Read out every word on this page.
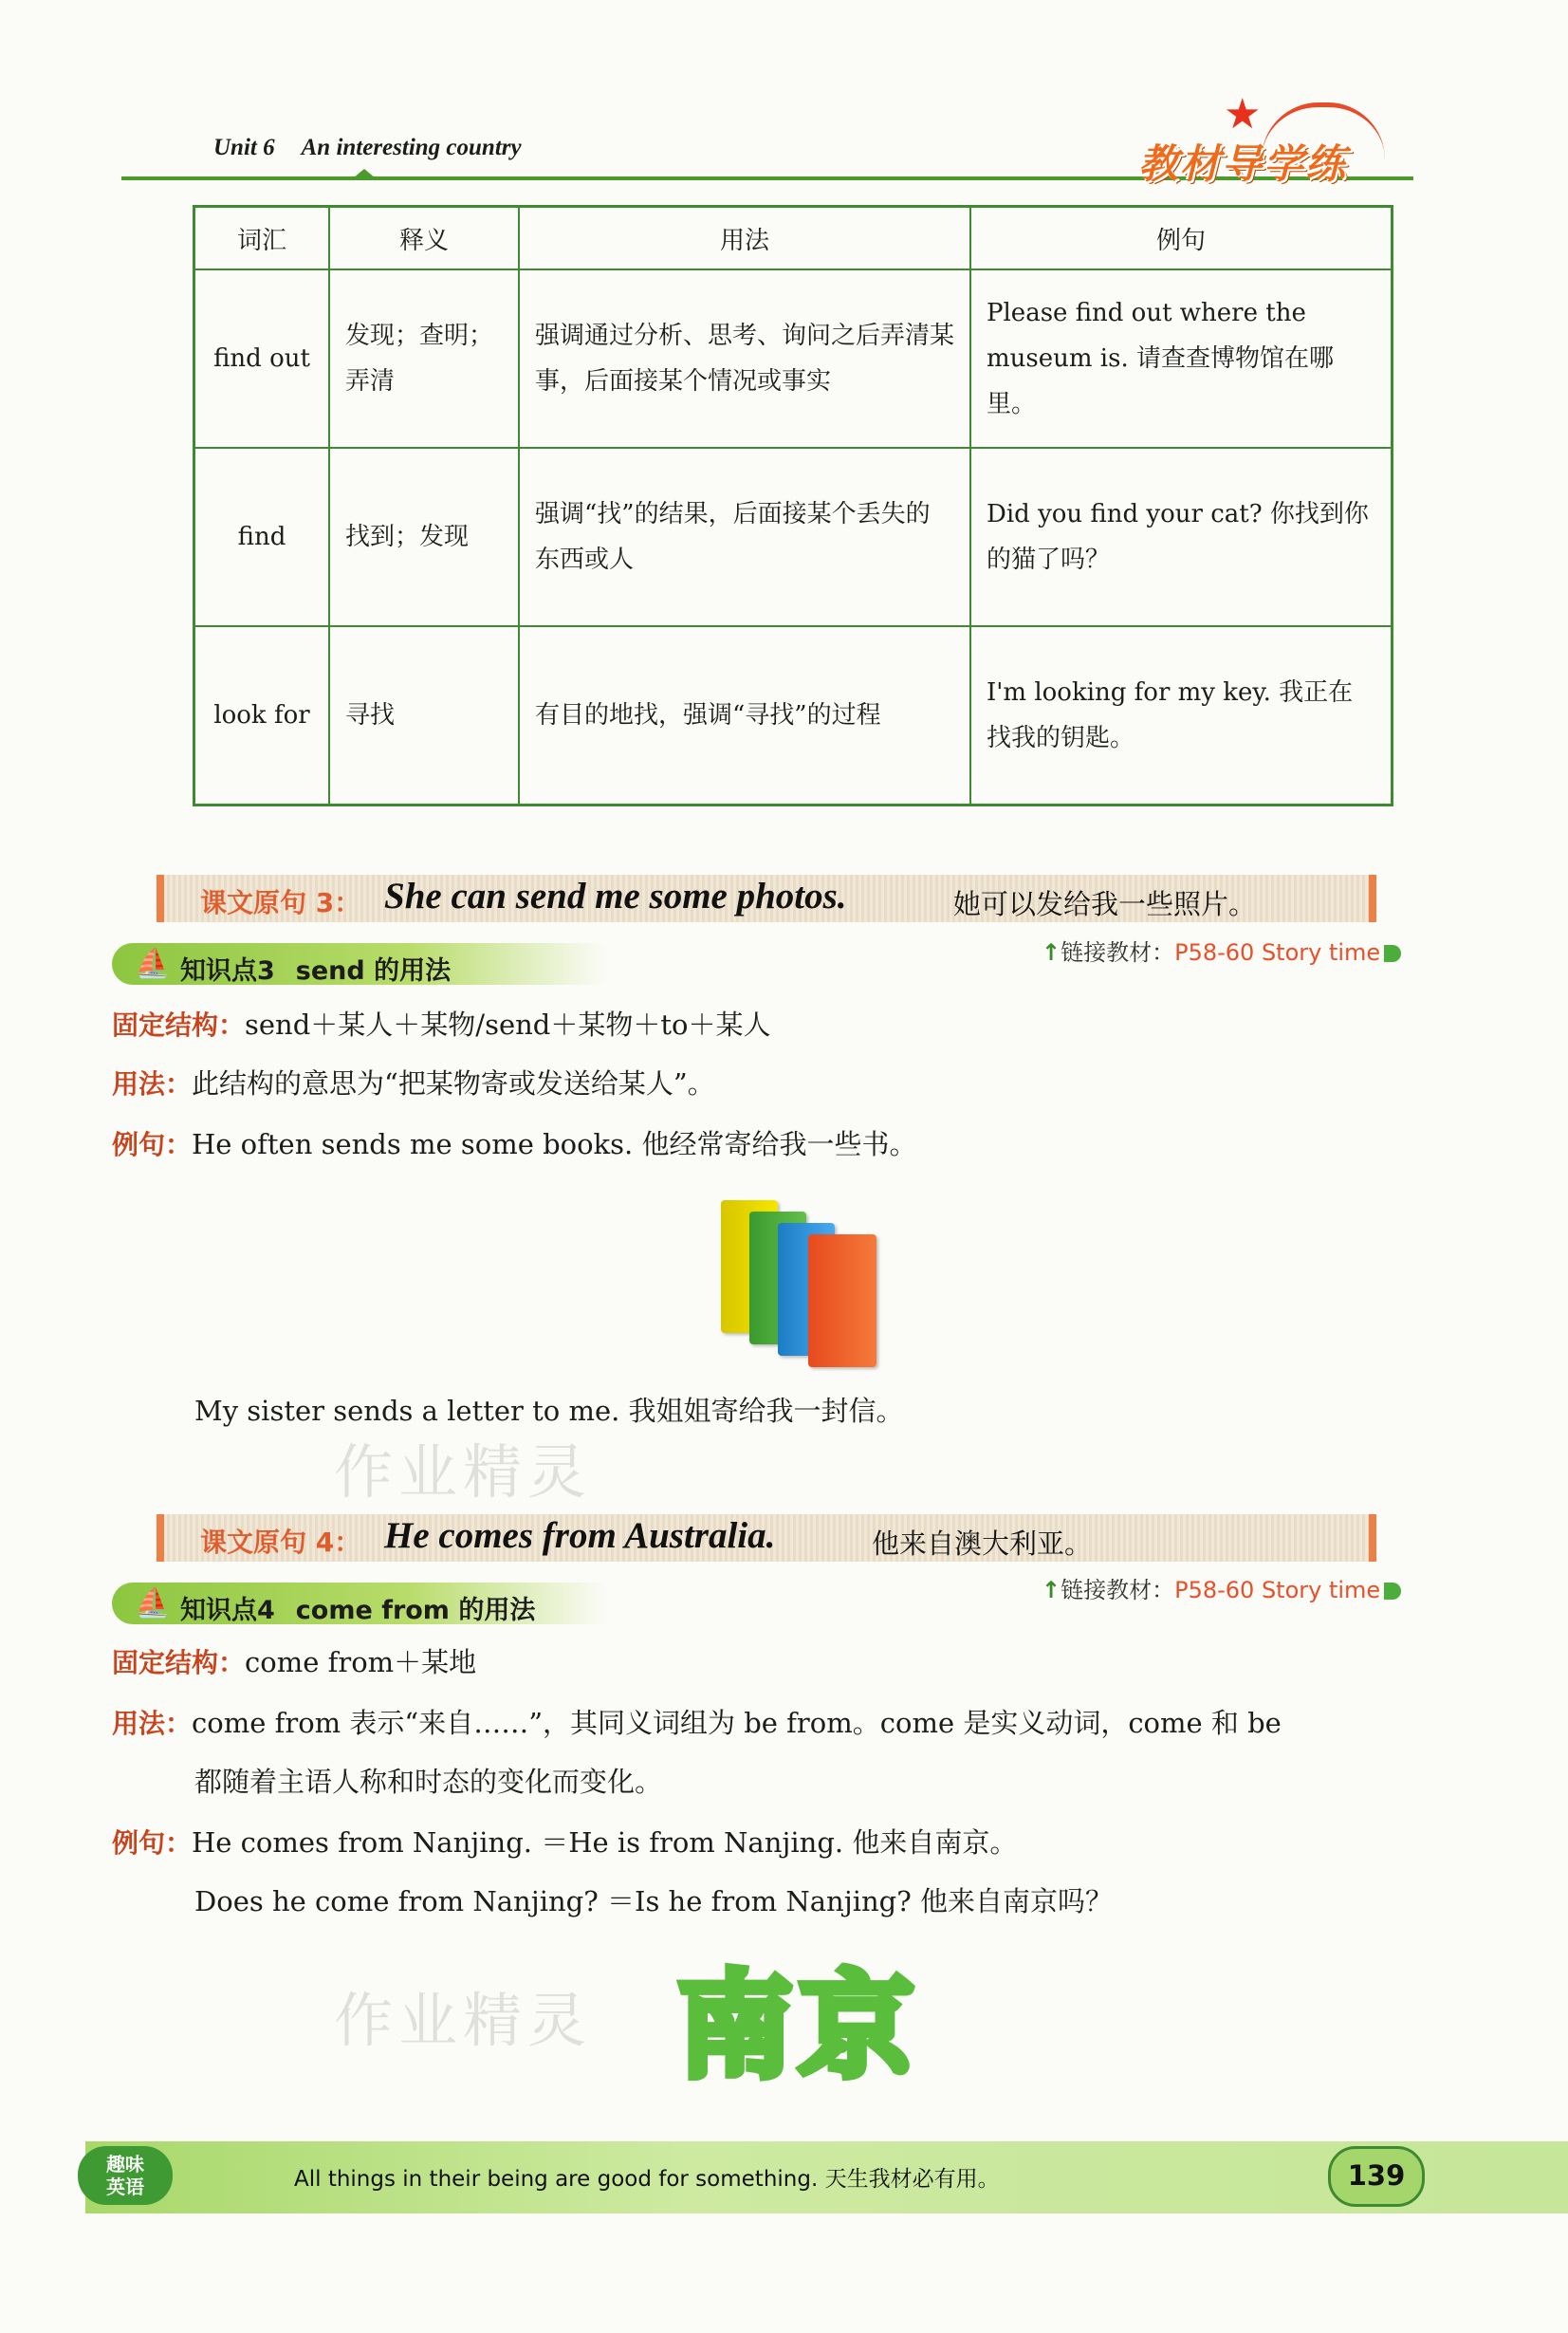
Unit 6 An interesting country
★
教材导学练
词汇	释义	用法	例句
find out	发现；查明；弄清	强调通过分析、思考、询问之后弄清某事，后面接某个情况或事实	Please find out where the museum is. 请查查博物馆在哪里。
find	找到；发现	强调“找”的结果，后面接某个丢失的东西或人	Did you find your cat? 你找到你的猫了吗？
look for	寻找	有目的地找，强调“寻找”的过程	I'm looking for my key. 我正在找我的钥匙。
课文原句 3： She can send me some photos.	她可以发给我一些照片。
⛵ 知识点3 send 的用法
↑链接教材：P58-60 Story time
固定结构：send＋某人＋某物/send＋某物＋to＋某人
用法：此结构的意思为“把某物寄或发送给某人”。
例句：He often sends me some books. 他经常寄给我一些书。
My sister sends a letter to me. 我姐姐寄给我一封信。
作业精灵
课文原句 4： He comes from Australia.	他来自澳大利亚。
⛵ 知识点4 come from 的用法
↑链接教材：P58-60 Story time
固定结构：come from＋某地
用法：come from 表示“来自……”，其同义词组为 be from。come 是实义动词，come 和 be
都随着主语人称和时态的变化而变化。
例句：He comes from Nanjing. ＝He is from Nanjing. 他来自南京。
Does he come from Nanjing? ＝Is he from Nanjing? 他来自南京吗？
南京
作业精灵
趣味
英语	All things in their being are good for something. 天生我材必有用。	139
